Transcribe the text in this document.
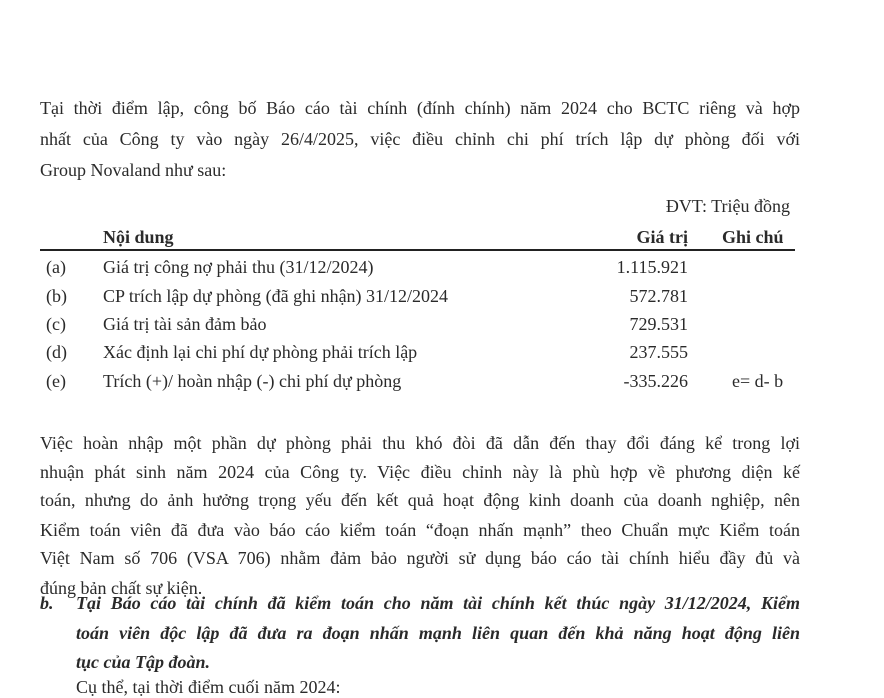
Tại thời điểm lập, công bố Báo cáo tài chính (đính chính) năm 2024 cho BCTC riêng và hợp
nhất của Công ty vào ngày 26/4/2025, việc điều chỉnh chi phí trích lập dự phòng đối với
Group Novaland như sau:
ĐVT: Triệu đồng
Nội dung	Giá trị Ghi chú
(a) Giá trị công nợ phải thu (31/12/2024)	1.115.921
(b) CP trích lập dự phòng (đã ghi nhận) 31/12/2024	572.781
(c) Giá trị tài sản đảm bảo	729.531
(d) Xác định lại chi phí dự phòng phải trích lập	237.555
(e) Trích (+)/ hoàn nhập (-) chi phí dự phòng	-335.226 e= d- b
Việc hoàn nhập một phần dự phòng phải thu khó đòi đã dẫn đến thay đổi đáng kể trong lợi
nhuận phát sinh năm 2024 của Công ty. Việc điều chỉnh này là phù hợp về phương diện kế
toán, nhưng do ảnh hưởng trọng yếu đến kết quả hoạt động kinh doanh của doanh nghiệp, nên
Kiểm toán viên đã đưa vào báo cáo kiểm toán “đoạn nhấn mạnh” theo Chuẩn mực Kiểm toán
Việt Nam số 706 (VSA 706) nhằm đảm bảo người sử dụng báo cáo tài chính hiểu đầy đủ và
đúng bản chất sự kiện.
b. Tại Báo cáo tài chính đã kiểm toán cho năm tài chính kết thúc ngày 31/12/2024, Kiểm
toán viên độc lập đã đưa ra đoạn nhấn mạnh liên quan đến khả năng hoạt động liên
tục của Tập đoàn.
Cụ thể, tại thời điểm cuối năm 2024:
